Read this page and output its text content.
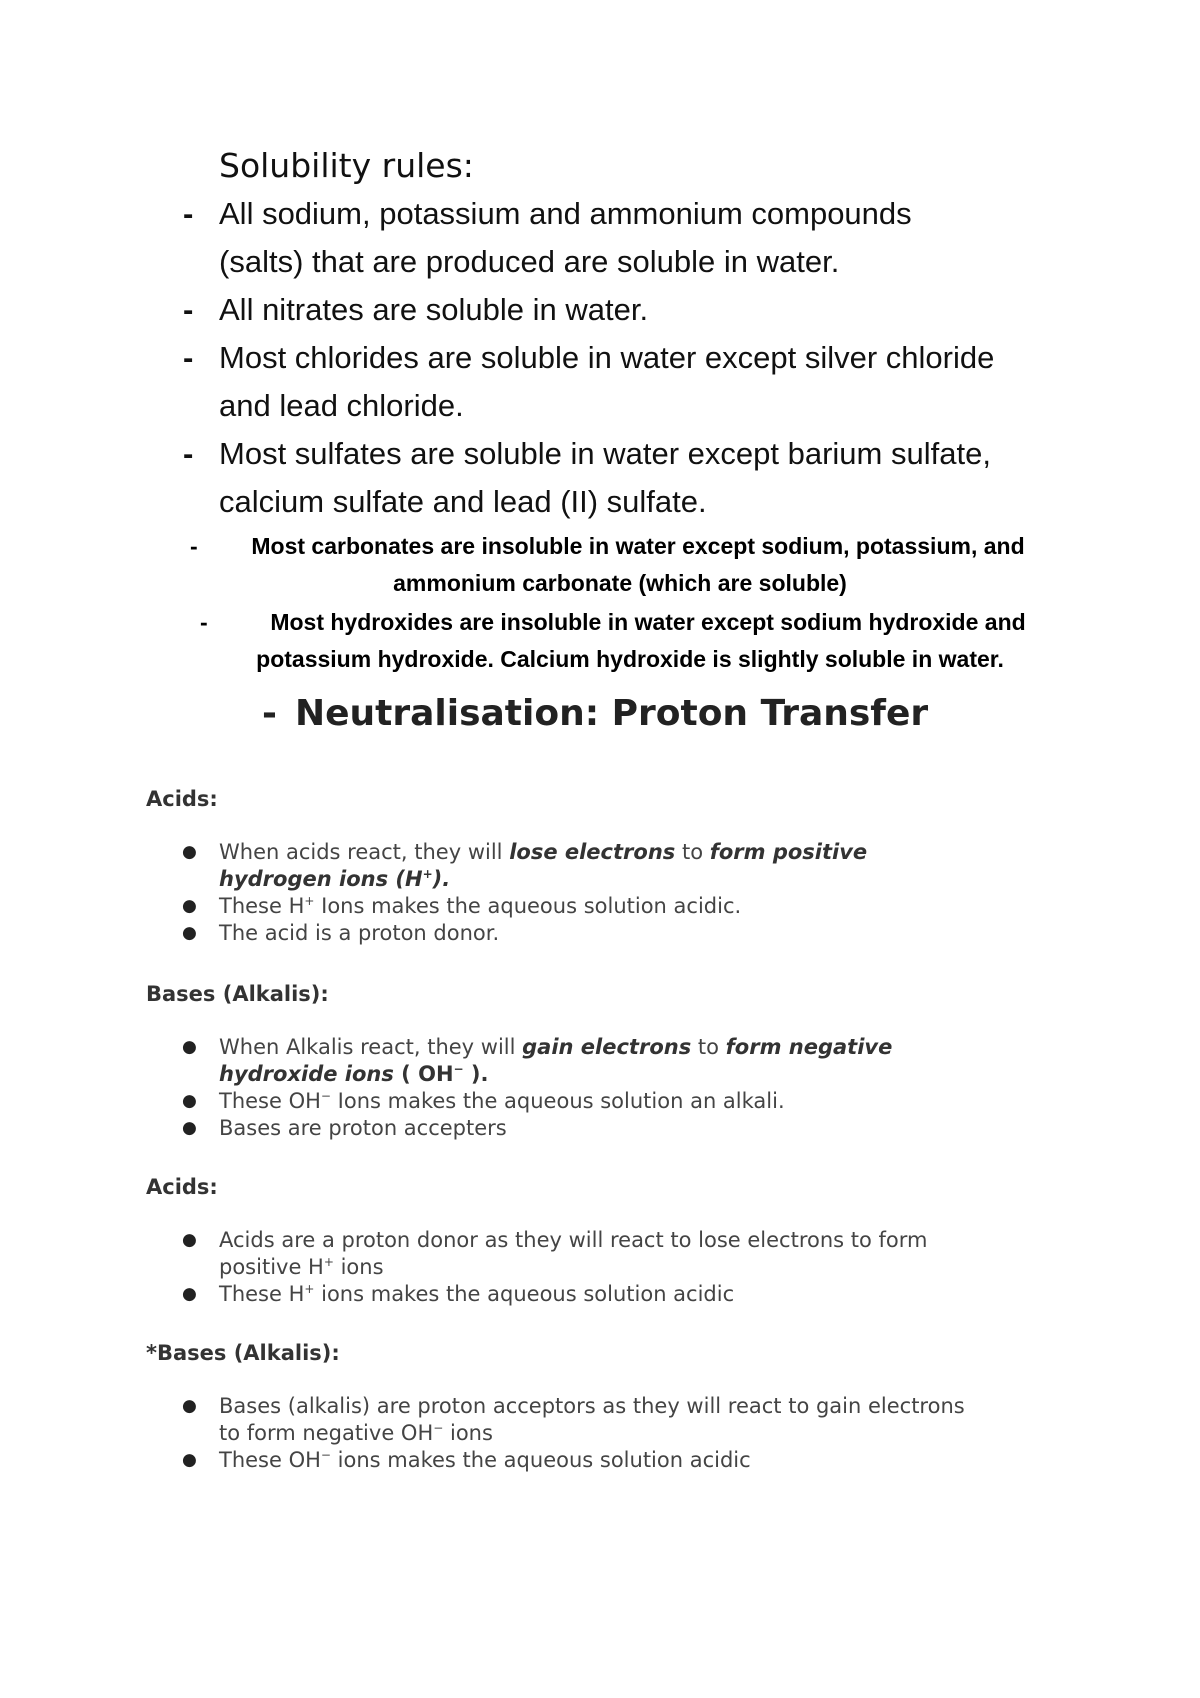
Solubility rules:
- All sodium, potassium and ammonium compounds
(salts) that are produced are soluble in water.
- All nitrates are soluble in water.
- Most chlorides are soluble in water except silver chloride
and lead chloride.
- Most sulfates are soluble in water except barium sulfate,
calcium sulfate and lead (II) sulfate.
-	Most carbonates are insoluble in water except sodium, potassium, and
ammonium carbonate (which are soluble)
-	Most hydroxides are insoluble in water except sodium hydroxide and
potassium hydroxide. Calcium hydroxide is slightly soluble in water.
- Neutralisation: Proton Transfer
Acids:
● When acids react, they will lose electrons to form positive
hydrogen ions (H+).
● These H+ Ions makes the aqueous solution acidic.
● The acid is a proton donor.
Bases (Alkalis):
● When Alkalis react, they will gain electrons to form negative
hydroxide ions ( OH− ).
● These OH− Ions makes the aqueous solution an alkali.
● Bases are proton accepters
Acids:
● Acids are a proton donor as they will react to lose electrons to form
positive H+ ions
● These H+ ions makes the aqueous solution acidic
*Bases (Alkalis):
● Bases (alkalis) are proton acceptors as they will react to gain electrons
to form negative OH− ions
● These OH− ions makes the aqueous solution acidic
